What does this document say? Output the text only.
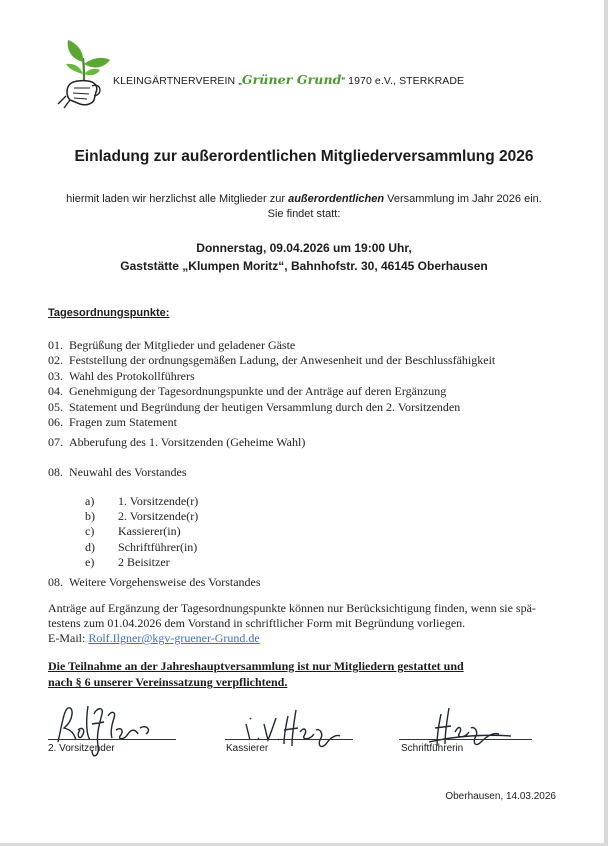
KLEINGÄRTNERVEREIN „Grüner Grund“ 1970 e.V., STERKRADE
Einladung zur außerordentlichen Mitgliederversammlung 2026
hiermit laden wir herzlichst alle Mitglieder zur außerordentlichen Versammlung im Jahr 2026 ein.
Sie findet statt:
Donnerstag, 09.04.2026 um 19:00 Uhr,
Gaststätte „Klumpen Moritz“, Bahnhofstr. 30, 46145 Oberhausen
Tagesordnungspunkte:
01. Begrüßung der Mitglieder und geladener Gäste
02. Feststellung der ordnungsgemäßen Ladung, der Anwesenheit und der Beschlussfähigkeit
03. Wahl des Protokollführers
04. Genehmigung der Tagesordnungspunkte und der Anträge auf deren Ergänzung
05. Statement und Begründung der heutigen Versammlung durch den 2. Vorsitzenden
06. Fragen zum Statement
07. Abberufung des 1. Vorsitzenden (Geheime Wahl)
08. Neuwahl des Vorstandes
a) 1. Vorsitzende(r)
b) 2. Vorsitzende(r)
c) Kassierer(in)
d) Schriftführer(in)
e) 2 Beisitzer
08. Weitere Vorgehensweise des Vorstandes
Anträge auf Ergänzung der Tagesordnungspunkte können nur Berücksichtigung finden, wenn sie spä-
testens zum 01.04.2026 dem Vorstand in schriftlicher Form mit Begründung vorliegen.
E-Mail: Rolf.Ilgner@kgv-gruener-Grund.de
Die Teilnahme an der Jahreshauptversammlung ist nur Mitgliedern gestattet und
nach § 6 unserer Vereinssatzung verpflichtend.
2. Vorsitzender	Kassierer	Schriftführerin
Oberhausen, 14.03.2026
